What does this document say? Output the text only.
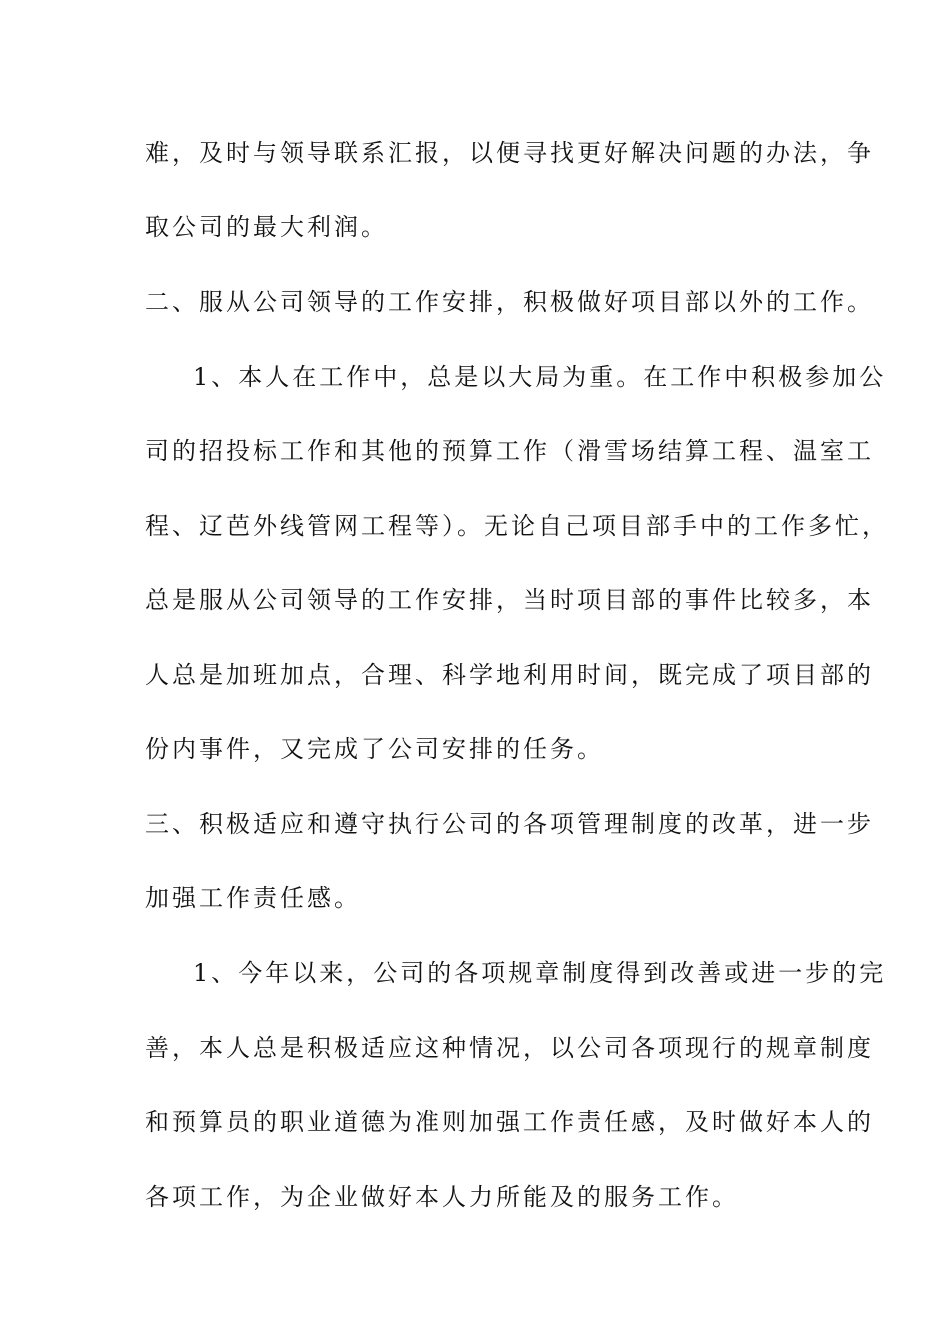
难，及时与领导联系汇报，以便寻找更好解决问题的办法，争

取公司的最大利润。

二、服从公司领导的工作安排，积极做好项目部以外的工作。

1、本人在工作中，总是以大局为重。在工作中积极参加公

司的招投标工作和其他的预算工作（滑雪场结算工程、温室工

程、辽芭外线管网工程等）。无论自己项目部手中的工作多忙，

总是服从公司领导的工作安排，当时项目部的事件比较多，本

人总是加班加点，合理、科学地利用时间，既完成了项目部的

份内事件，又完成了公司安排的任务。

三、积极适应和遵守执行公司的各项管理制度的改革，进一步

加强工作责任感。

1、今年以来，公司的各项规章制度得到改善或进一步的完

善，本人总是积极适应这种情况，以公司各项现行的规章制度

和预算员的职业道德为准则加强工作责任感，及时做好本人的

各项工作，为企业做好本人力所能及的服务工作。
